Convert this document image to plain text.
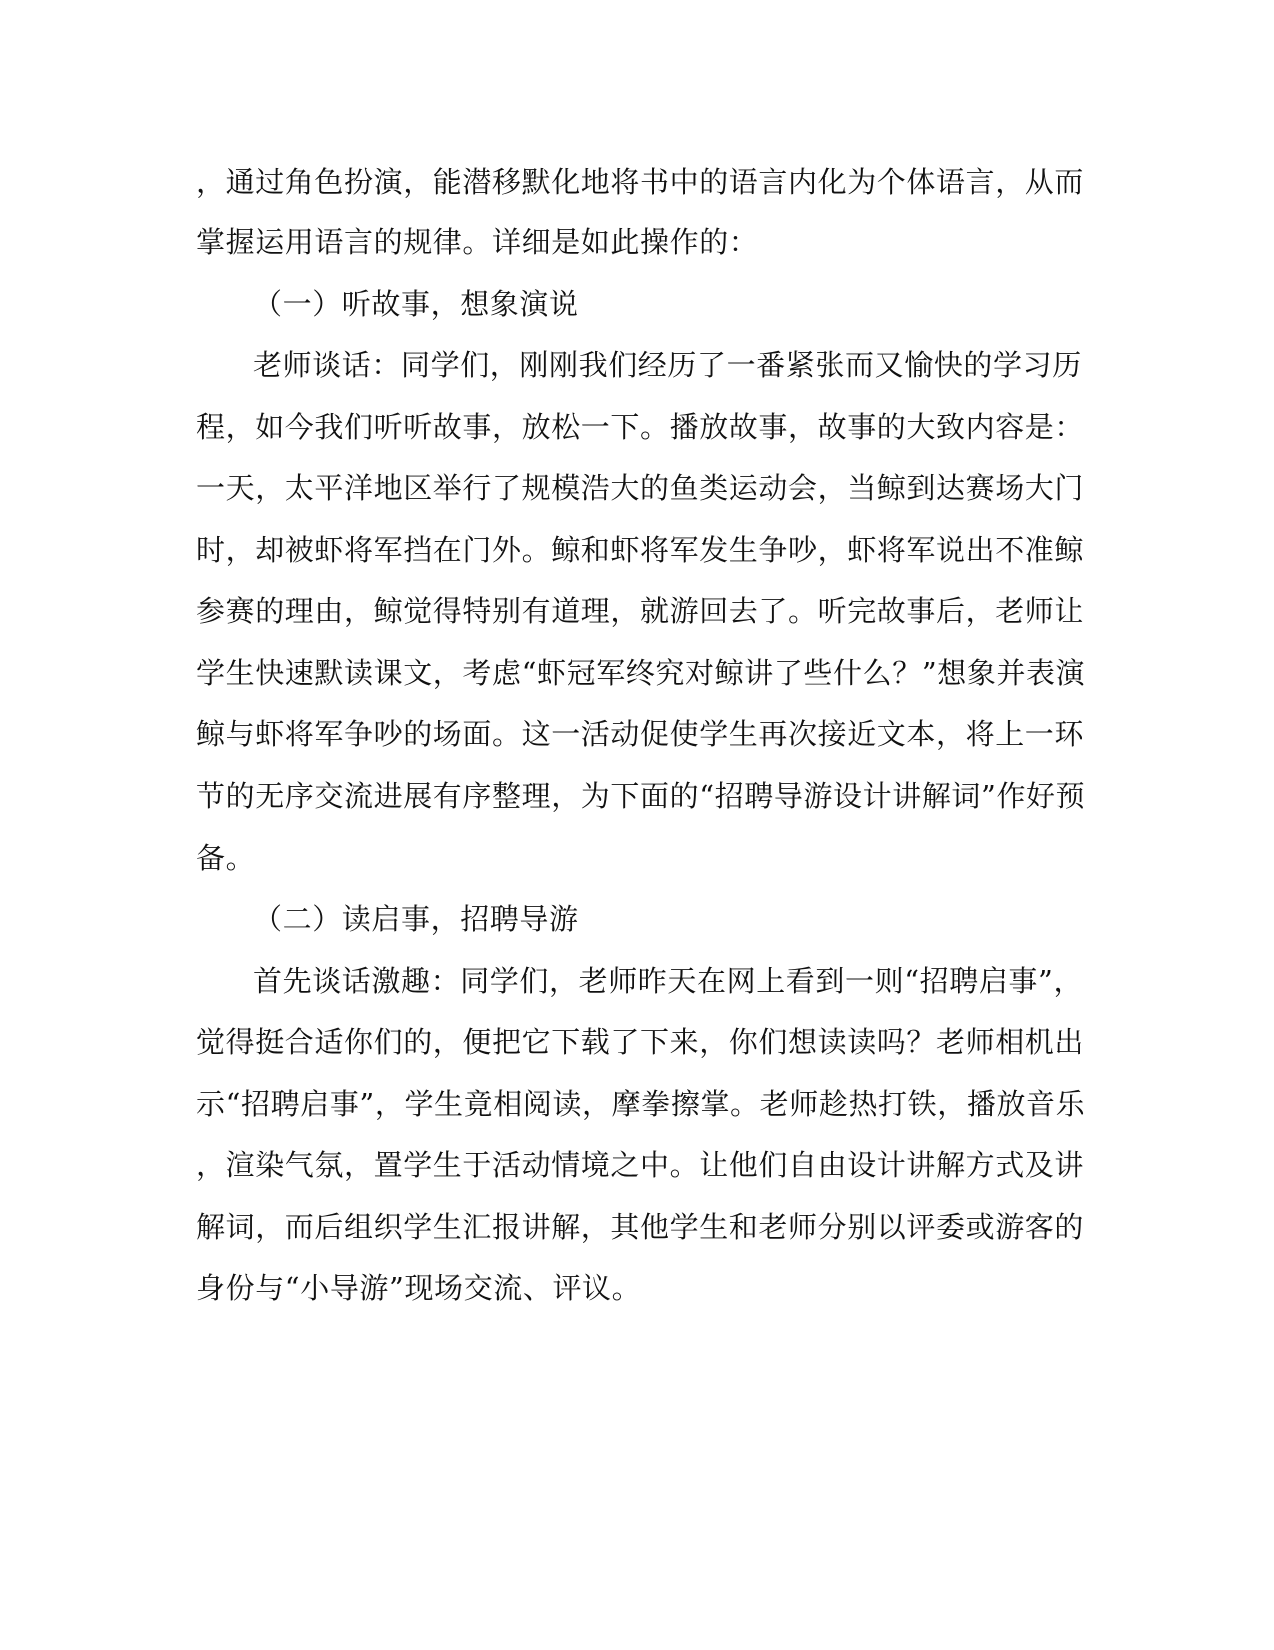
，通过角色扮演，能潜移默化地将书中的语言内化为个体语言，从而
掌握运用语言的规律。详细是如此操作的：
（一）听故事，想象演说
老师谈话：同学们，刚刚我们经历了一番紧张而又愉快的学习历
程，如今我们听听故事，放松一下。播放故事，故事的大致内容是：
一天，太平洋地区举行了规模浩大的鱼类运动会，当鲸到达赛场大门
时，却被虾将军挡在门外。鲸和虾将军发生争吵，虾将军说出不准鲸
参赛的理由，鲸觉得特别有道理，就游回去了。听完故事后，老师让
学生快速默读课文，考虑“虾冠军终究对鲸讲了些什么？”想象并表演
鲸与虾将军争吵的场面。这一活动促使学生再次接近文本，将上一环
节的无序交流进展有序整理，为下面的“招聘导游设计讲解词”作好预
备。
（二）读启事，招聘导游
首先谈话激趣：同学们，老师昨天在网上看到一则“招聘启事”，
觉得挺合适你们的，便把它下载了下来，你们想读读吗？老师相机出
示“招聘启事”，学生竟相阅读，摩拳擦掌。老师趁热打铁，播放音乐
，渲染气氛，置学生于活动情境之中。让他们自由设计讲解方式及讲
解词，而后组织学生汇报讲解，其他学生和老师分别以评委或游客的
身份与“小导游”现场交流、评议。
